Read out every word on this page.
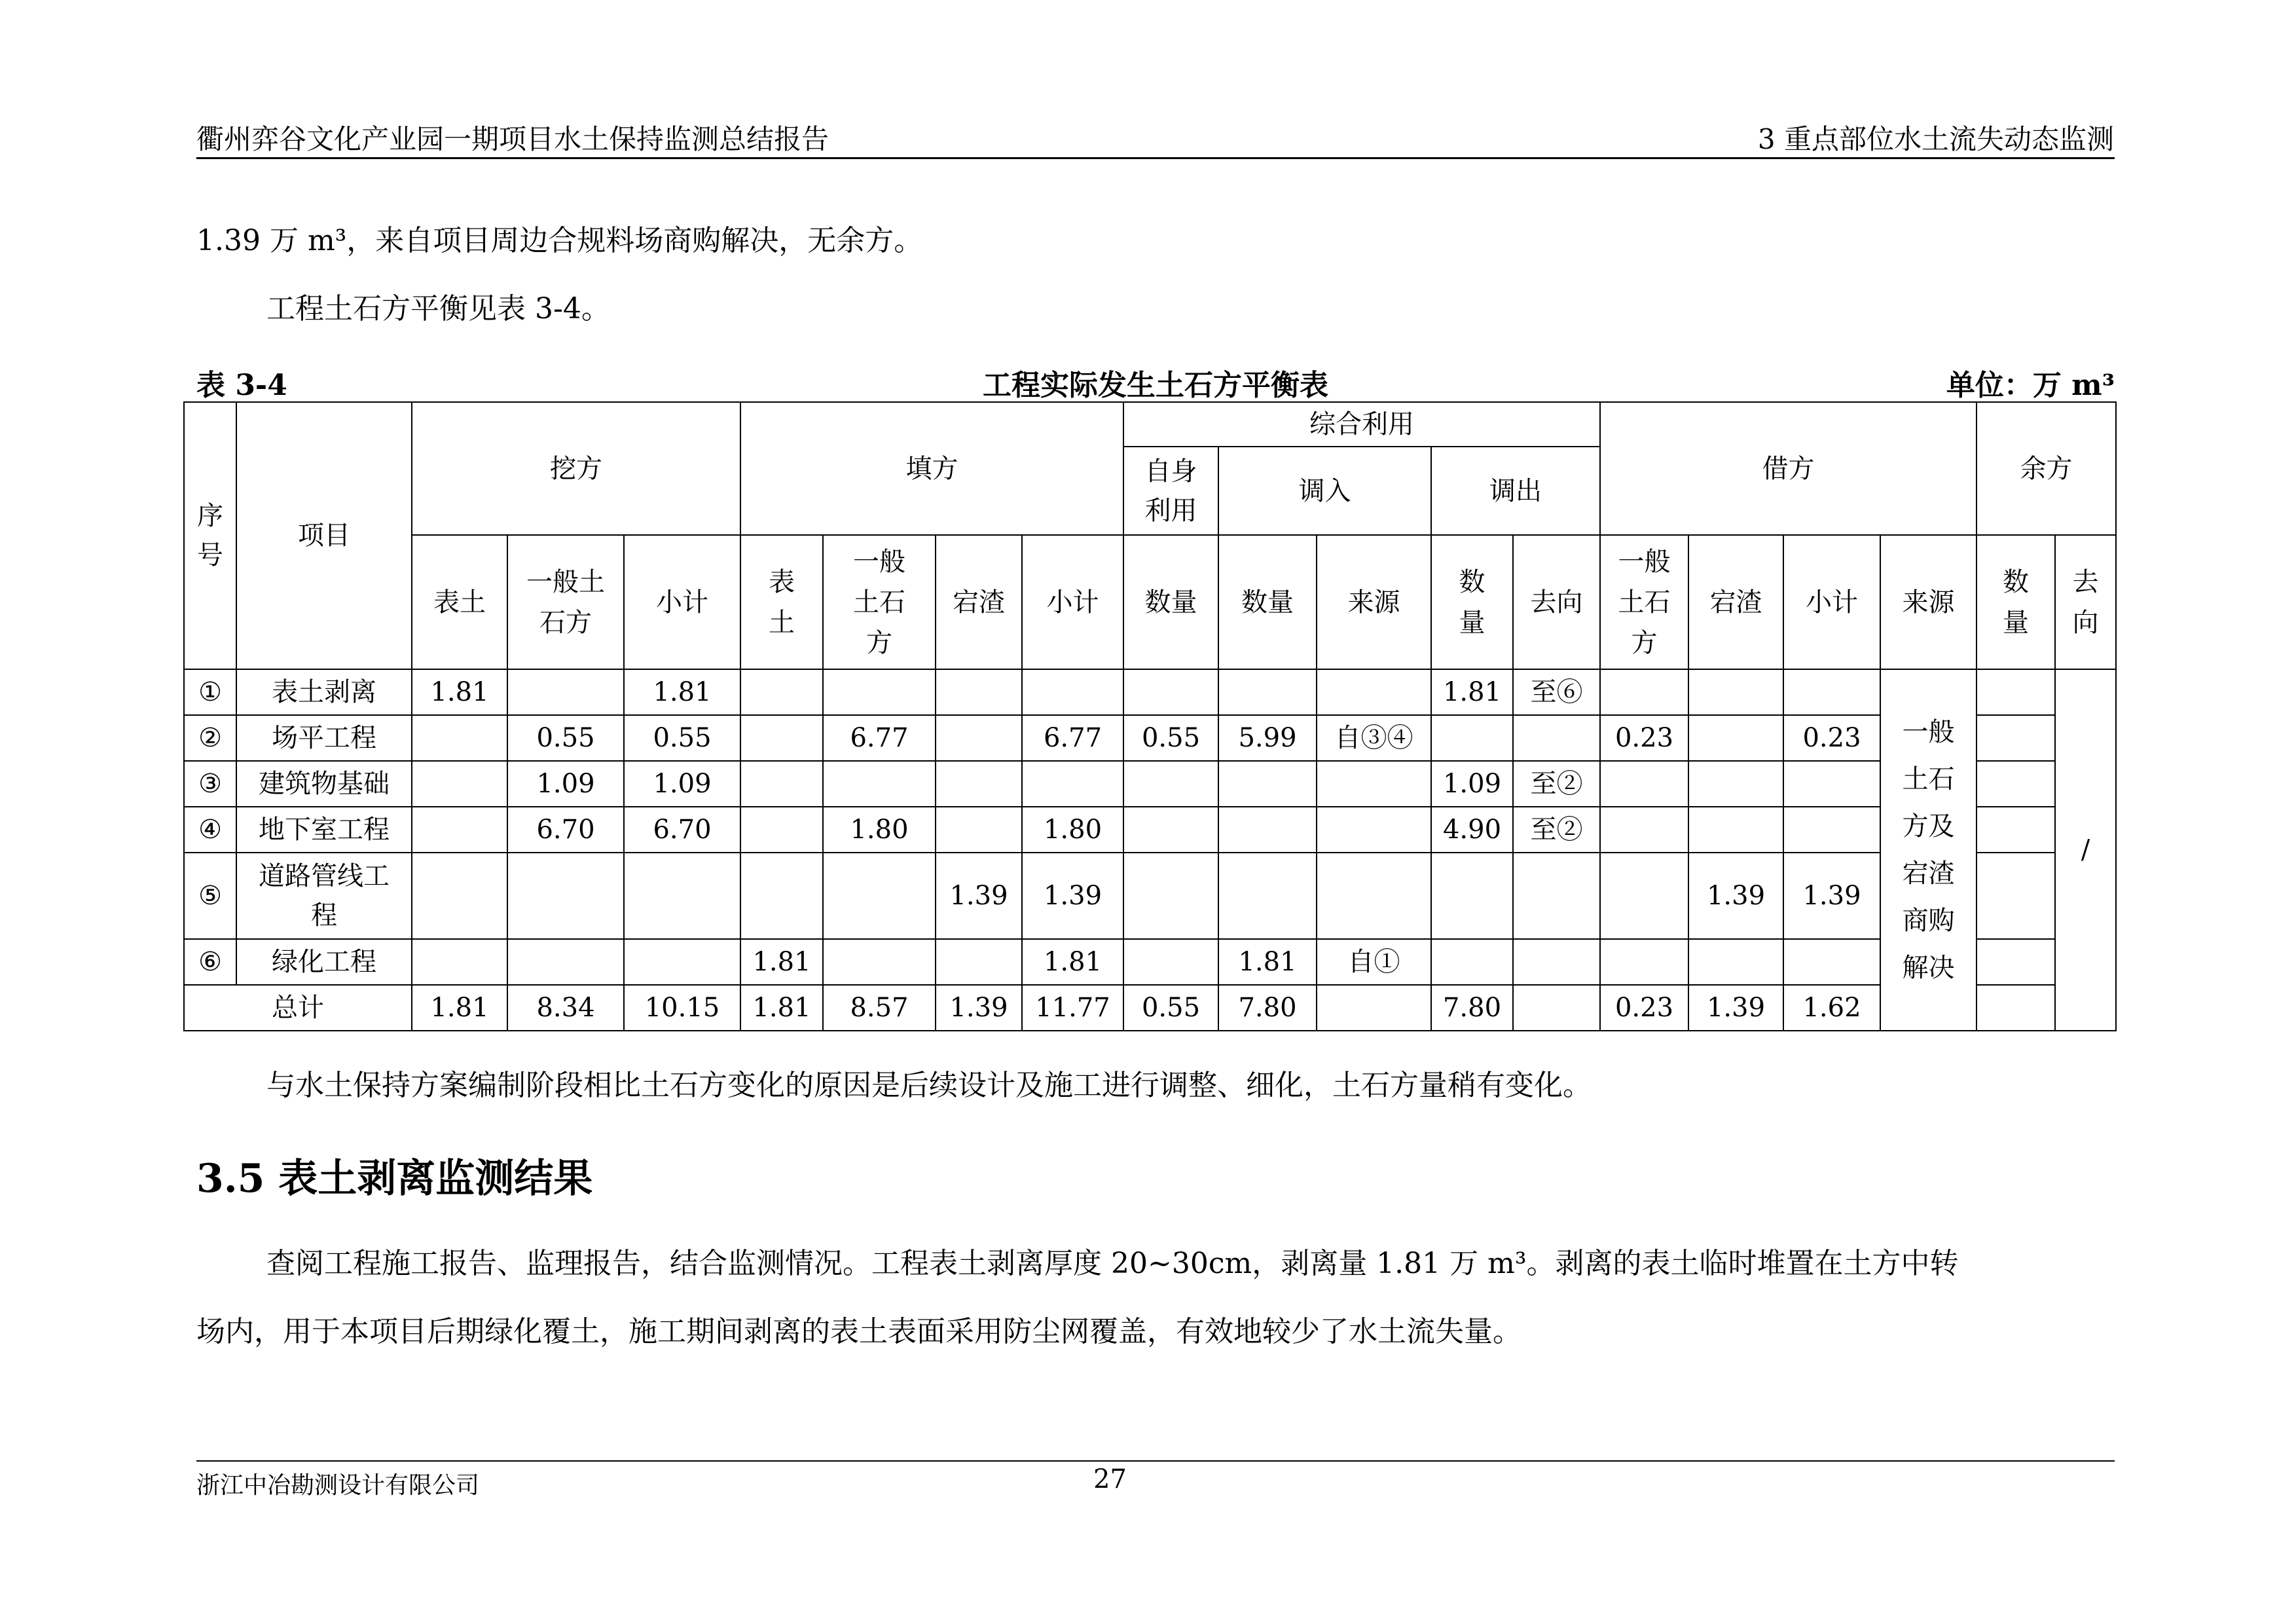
衢州弈谷文化产业园一期项目水土保持监测总结报告	3 重点部位水土流失动态监测
1.39 万 m³，来自项目周边合规料场商购解决，无余方。
工程土石方平衡见表 3-4。
表 3-4	工程实际发生土石方平衡表	单位：万 m³
序号	项目	挖方			填方				综合利用					借方				余方	

									自身利用	调入		调出							
		表土	一般土石方	小计	表土	一般土石方	宕渣	小计	数量	数量	来源	数量	去向	一般土石方	宕渣	小计	来源	数量	去向

①	表土剥离	1.81		1.81								1.81	至⑥				一般土石方及宕渣商购解决		/
②	场平工程		0.55	0.55		6.77		6.77	0.55	5.99	自③④			0.23		0.23			
③	建筑物基础		1.09	1.09								1.09	至②						
④	地下室工程		6.70	6.70		1.80		1.80				4.90	至②						
⑤	道路管线工程						1.39	1.39							1.39	1.39			
⑥	绿化工程				1.81			1.81		1.81	自①								
总计		1.81	8.34	10.15	1.81	8.57	1.39	11.77	0.55	7.80		7.80		0.23	1.39	1.62			
与水土保持方案编制阶段相比土石方变化的原因是后续设计及施工进行调整、细化，土石方量稍有变化。
3.5 表土剥离监测结果
查阅工程施工报告、监理报告，结合监测情况。工程表土剥离厚度 20~30cm，剥离量 1.81 万 m³。剥离的表土临时堆置在土方中转
场内，用于本项目后期绿化覆土，施工期间剥离的表土表面采用防尘网覆盖，有效地较少了水土流失量。
浙江中冶勘测设计有限公司	27
